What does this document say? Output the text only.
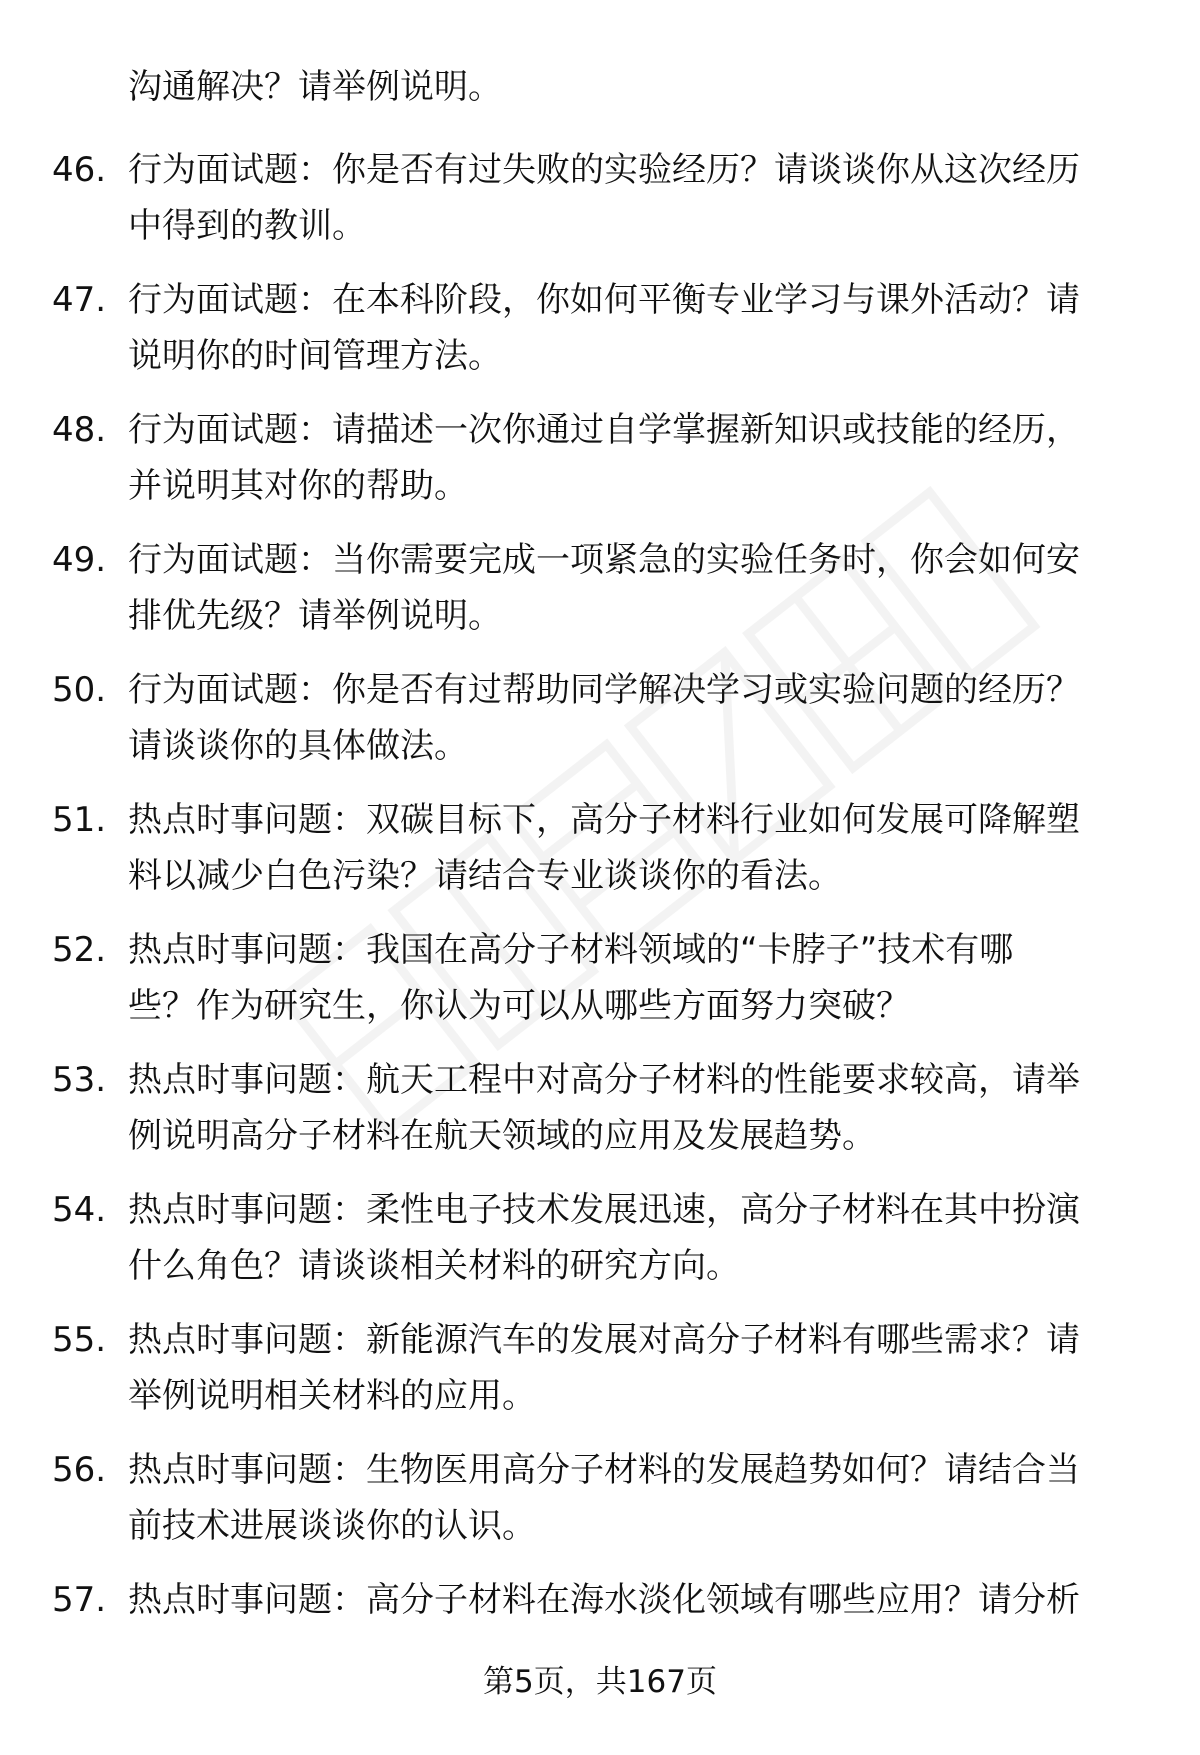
沟通解决？请举例说明。
46. 行为面试题：你是否有过失败的实验经历？请谈谈你从这次经历
中得到的教训。
47. 行为面试题：在本科阶段，你如何平衡专业学习与课外活动？请
说明你的时间管理方法。
48. 行为面试题：请描述一次你通过自学掌握新知识或技能的经历，
并说明其对你的帮助。
49. 行为面试题：当你需要完成一项紧急的实验任务时，你会如何安
排优先级？请举例说明。
50. 行为面试题：你是否有过帮助同学解决学习或实验问题的经历？
请谈谈你的具体做法。
51. 热点时事问题：双碳目标下，高分子材料行业如何发展可降解塑
料以减少白色污染？请结合专业谈谈你的看法。
52. 热点时事问题：我国在高分子材料领域的“卡脖子”技术有哪
些？作为研究生，你认为可以从哪些方面努力突破？
53. 热点时事问题：航天工程中对高分子材料的性能要求较高，请举
例说明高分子材料在航天领域的应用及发展趋势。
54. 热点时事问题：柔性电子技术发展迅速，高分子材料在其中扮演
什么角色？请谈谈相关材料的研究方向。
55. 热点时事问题：新能源汽车的发展对高分子材料有哪些需求？请
举例说明相关材料的应用。
56. 热点时事问题：生物医用高分子材料的发展趋势如何？请结合当
前技术进展谈谈你的认识。
57. 热点时事问题：高分子材料在海水淡化领域有哪些应用？请分析
第5页，共167页
